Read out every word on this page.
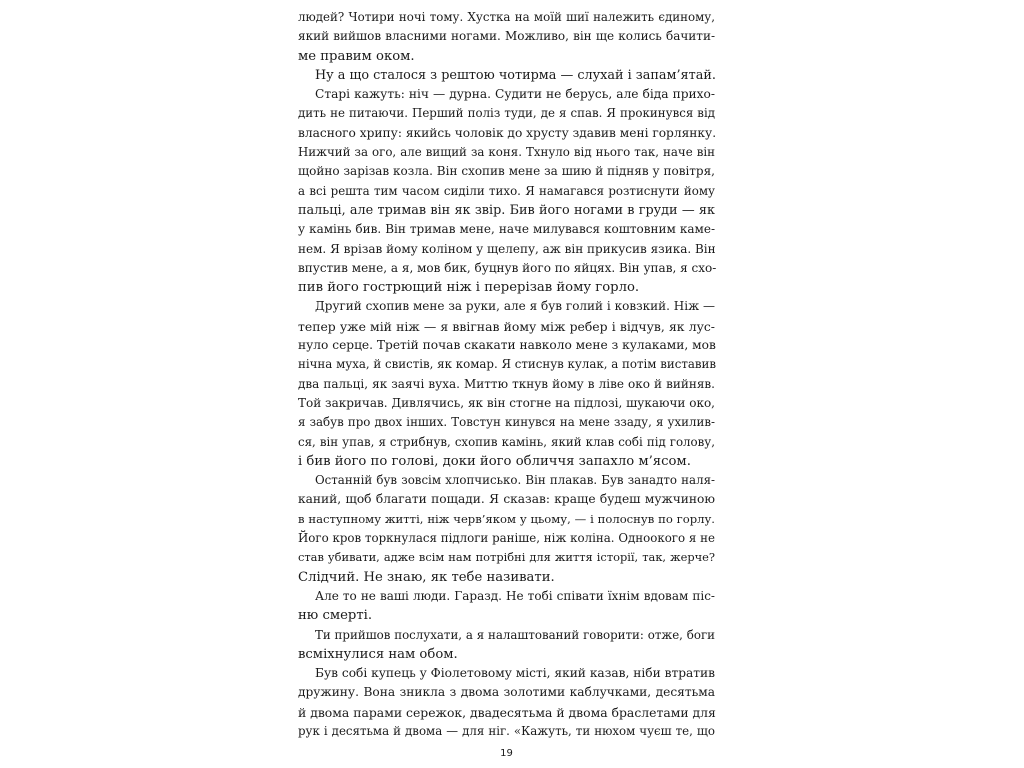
людей? Чотири ночі тому. Хустка на моїй шиї належить єдиному,
який вийшов власними ногами. Можливо, він ще колись бачити-
ме правим оком.
Ну а що сталося з рештою чотирма — слухай і запам’ятай.
Старі кажуть: ніч — дурна. Судити не берусь, але біда прихо-
дить не питаючи. Перший поліз туди, де я спав. Я прокинувся від
власного хрипу: якийсь чоловік до хрусту здавив мені горлянку.
Нижчий за ого, але вищий за коня. Тхнуло від нього так, наче він
щойно зарізав козла. Він схопив мене за шию й підняв у повітря,
а всі решта тим часом сиділи тихо. Я намагався розтиснути йому
пальці, але тримав він як звір. Бив його ногами в груди — як
у камінь бив. Він тримав мене, наче милувався коштовним каме-
нем. Я врізав йому коліном у щелепу, аж він прикусив язика. Він
впустив мене, а я, мов бик, буцнув його по яйцях. Він упав, я схо-
пив його гострющий ніж і перерізав йому горло.
Другий схопив мене за руки, але я був голий і ковзкий. Ніж —
тепер уже мій ніж — я ввігнав йому між ребер і відчув, як лус-
нуло серце. Третій почав скакати навколо мене з кулаками, мов
нічна муха, й свистів, як комар. Я стиснув кулак, а потім виставив
два пальці, як заячі вуха. Миттю ткнув йому в ліве око й вийняв.
Той закричав. Дивлячись, як він стогне на підлозі, шукаючи око,
я забув про двох інших. Товстун кинувся на мене ззаду, я ухилив-
ся, він упав, я стрибнув, схопив камінь, який клав собі під голову,
і бив його по голові, доки його обличчя запахло м’ясом.
Останній був зовсім хлопчисько. Він плакав. Був занадто наля-
каний, щоб благати пощади. Я сказав: краще будеш мужчиною
в наступному житті, ніж черв’яком у цьому, — і полоснув по горлу.
Його кров торкнулася підлоги раніше, ніж коліна. Одноокого я не
став убивати, адже всім нам потрібні для життя історії, так, жерче?
Слідчий. Не знаю, як тебе називати.
Але то не ваші люди. Гаразд. Не тобі співати їхнім вдовам піс-
ню смерті.
Ти прийшов послухати, а я налаштований говорити: отже, боги
всміхнулися нам обом.
Був собі купець у Фіолетовому місті, який казав, ніби втратив
дружину. Вона зникла з двома золотими каблучками, десятьма
й двома парами сережок, двадесятьма й двома браслетами для
рук і десятьма й двома — для ніг. «Кажуть, ти нюхом чуєш те, що
19
